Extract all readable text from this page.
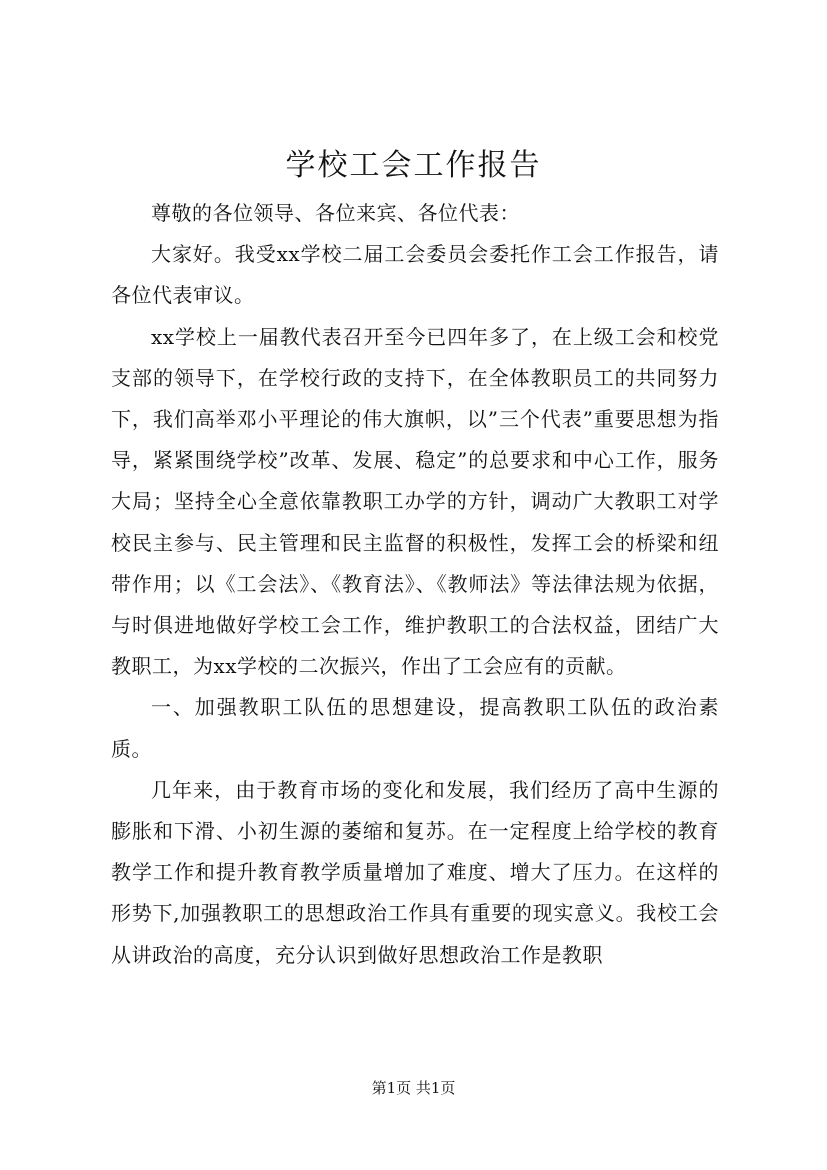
学校工会工作报告

尊敬的各位领导、各位来宾、各位代表：

大家好。我受xx学校二届工会委员会委托作工会工作报告，请各位代表审议。

xx学校上一届教代表召开至今已四年多了，在上级工会和校党支部的领导下，在学校行政的支持下，在全体教职员工的共同努力下，我们高举邓小平理论的伟大旗帜，以”三个代表”重要思想为指导，紧紧围绕学校”改革、发展、稳定”的总要求和中心工作，服务大局；坚持全心全意依靠教职工办学的方针，调动广大教职工对学校民主参与、民主管理和民主监督的积极性，发挥工会的桥梁和纽带作用；以《工会法》、《教育法》、《教师法》等法律法规为依据，与时俱进地做好学校工会工作，维护教职工的合法权益，团结广大教职工，为xx学校的二次振兴，作出了工会应有的贡献。

一、加强教职工队伍的思想建设，提高教职工队伍的政治素质。

几年来，由于教育市场的变化和发展，我们经历了高中生源的膨胀和下滑、小初生源的萎缩和复苏。在一定程度上给学校的教育教学工作和提升教育教学质量增加了难度、增大了压力。在这样的形势下,加强教职工的思想政治工作具有重要的现实意义。我校工会从讲政治的高度，充分认识到做好思想政治工作是教职

第1页 共1页
